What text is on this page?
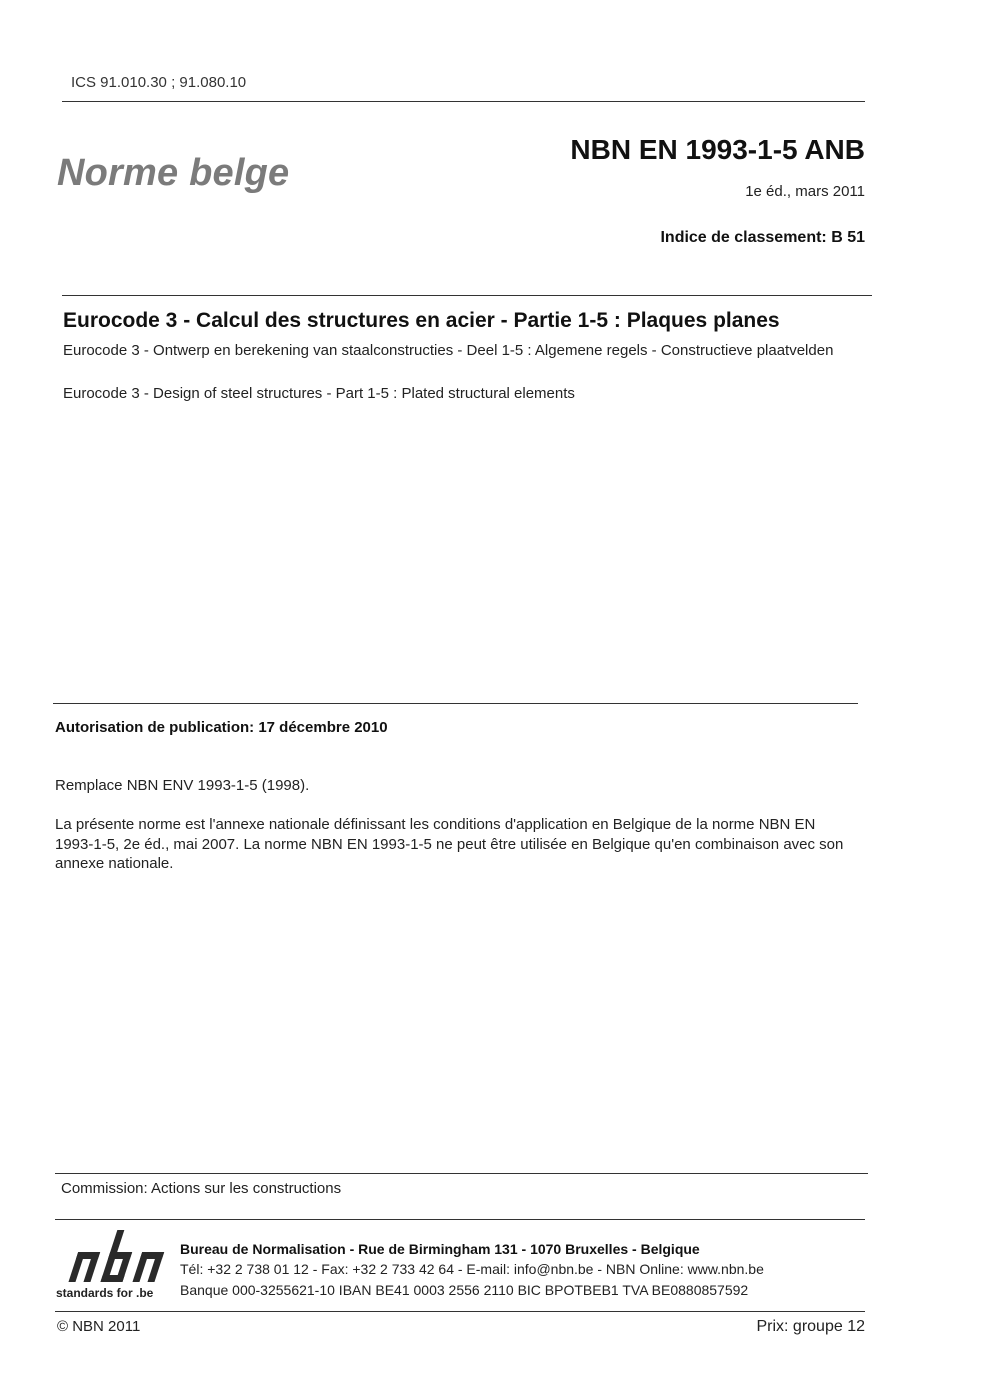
ICS 91.010.30 ; 91.080.10
Norme belge
NBN EN 1993-1-5 ANB
1e éd., mars 2011
Indice de classement: B 51
Eurocode 3 - Calcul des structures en acier - Partie 1-5 : Plaques planes
Eurocode 3 - Ontwerp en berekening van staalconstructies - Deel 1-5 : Algemene regels - Constructieve plaatvelden
Eurocode 3 - Design of steel structures - Part 1-5 : Plated structural elements
Autorisation de publication: 17 décembre 2010
Remplace NBN ENV 1993-1-5 (1998).
La présente norme est l'annexe nationale définissant les conditions d'application en Belgique de la norme NBN EN 1993-1-5, 2e éd., mai 2007. La norme NBN EN 1993-1-5 ne peut être utilisée en Belgique qu'en combinaison avec son annexe nationale.
Commission: Actions sur les constructions
standards for .be
Bureau de Normalisation - Rue de Birmingham 131 - 1070 Bruxelles - Belgique
Tél: +32 2 738 01 12 - Fax: +32 2 733 42 64 - E-mail: info@nbn.be - NBN Online: www.nbn.be
Banque 000-3255621-10 IBAN BE41 0003 2556 2110 BIC BPOTBEB1 TVA BE0880857592
© NBN 2011	Prix: groupe 12
